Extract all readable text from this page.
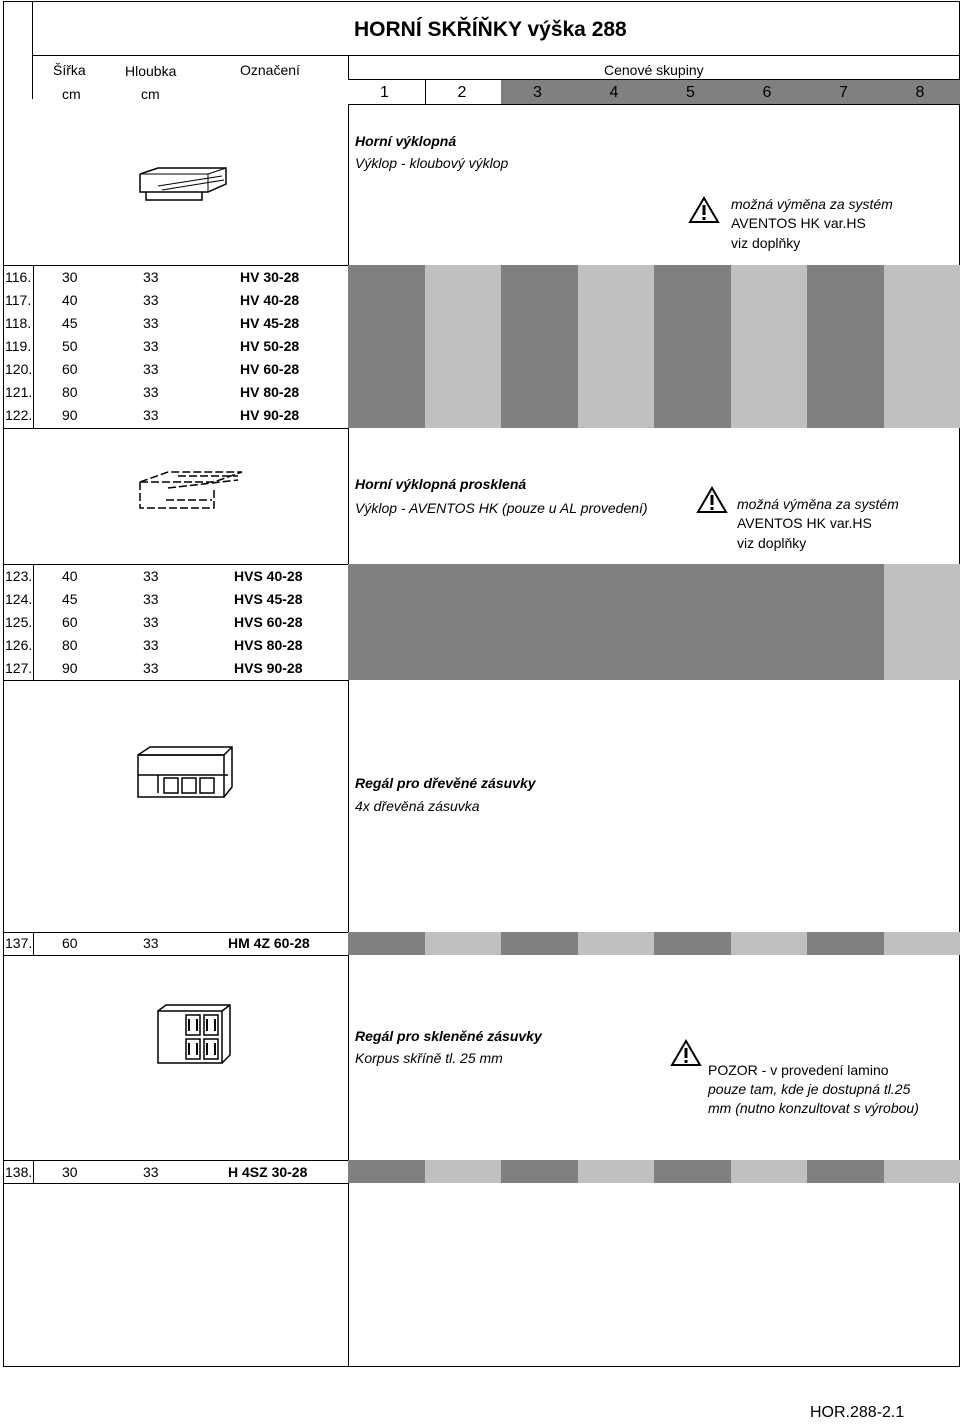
HORNÍ SKŘÍŇKY výška 288
Šířka	Hloubka	Označení	Cenové skupiny
cm	cm	1	2	3	4	5	6	7	8
Horní výklopná
Výklop - kloubový výklop
možná výměna za systém
AVENTOS HK var.HS
viz doplňky
116. 30	33	HV 30-28
117. 40	33	HV 40-28
118. 45	33	HV 45-28
119. 50	33	HV 50-28
120. 60	33	HV 60-28
121. 80	33	HV 80-28
122. 90	33	HV 90-28
Horní výklopná prosklená
Výklop - AVENTOS HK (pouze u AL provedení)	možná výměna za systém
AVENTOS HK var.HS
viz doplňky
123. 40	33	HVS 40-28
124. 45	33	HVS 45-28
125. 60	33	HVS 60-28
126. 80	33	HVS 80-28
127. 90	33	HVS 90-28
Regál pro dřevěné zásuvky
4x dřevěná zásuvka
137. 60	33	HM 4Z 60-28
Regál pro skleněné zásuvky
Korpus skříně tl. 25 mm
POZOR - v provedení lamino
pouze tam, kde je dostupná tl.25
mm (nutno konzultovat s výrobou)
138. 30	33	H 4SZ 30-28
HOR.288-2.1
